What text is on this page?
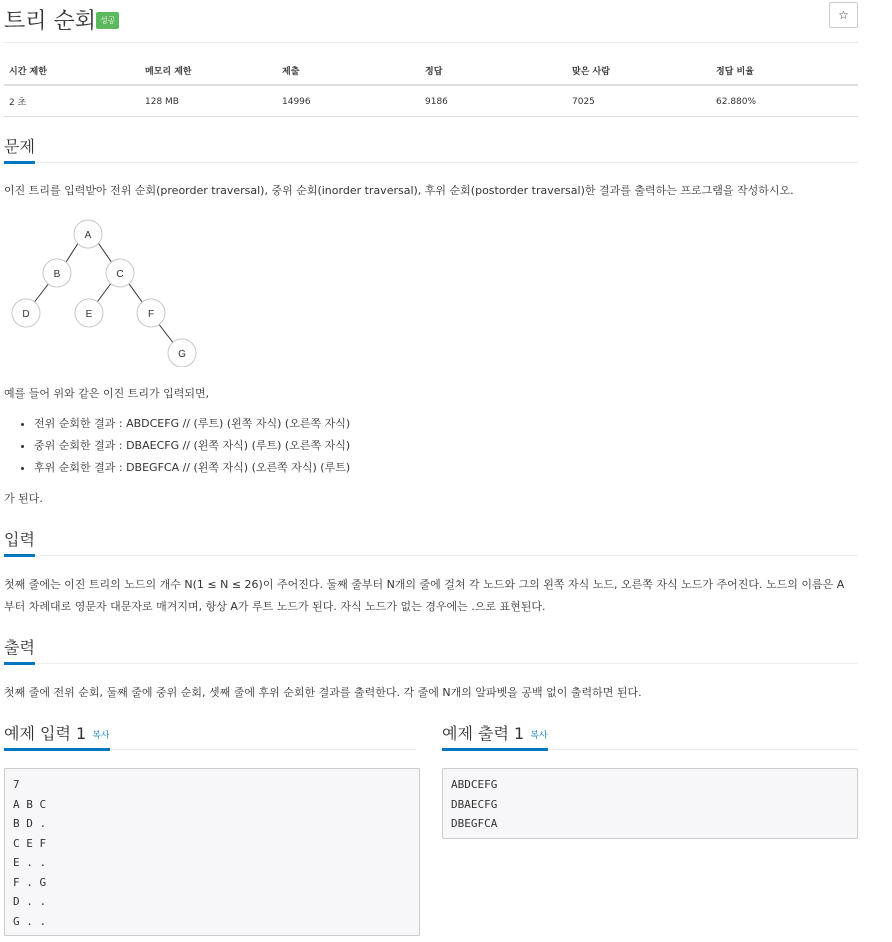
트리 순회 성공	☆
시간 제한	메모리 제한	제출	정답	맞은 사람	정답 비율
2 초	128 MB	14996	9186	7025	62.880%
문제
이진 트리를 입력받아 전위 순회(preorder traversal), 중위 순회(inorder traversal), 후위 순회(postorder traversal)한 결과를 출력하는 프로그램을 작성하시오.
A
B	C
D	E	F
G
예를 들어 위와 같은 이진 트리가 입력되면,
• 전위 순회한 결과 : ABDCEFG // (루트) (왼쪽 자식) (오른쪽 자식)
• 중위 순회한 결과 : DBAECFG // (왼쪽 자식) (루트) (오른쪽 자식)
• 후위 순회한 결과 : DBEGFCA // (왼쪽 자식) (오른쪽 자식) (루트)
가 된다.
입력
첫째 줄에는 이진 트리의 노드의 개수 N(1 ≤ N ≤ 26)이 주어진다. 둘째 줄부터 N개의 줄에 걸쳐 각 노드와 그의 왼쪽 자식 노드, 오른쪽 자식 노드가 주어진다. 노드의 이름은 A
부터 차례대로 영문자 대문자로 매겨지며, 항상 A가 루트 노드가 된다. 자식 노드가 없는 경우에는 .으로 표현된다.
출력
첫째 줄에 전위 순회, 둘째 줄에 중위 순회, 셋째 줄에 후위 순회한 결과를 출력한다. 각 줄에 N개의 알파벳을 공백 없이 출력하면 된다.
예제 입력 1 복사
7
A B C
B D .
C E F
E . .
F . G
D . .
G . .
예제 출력 1 복사
ABDCEFG
DBAECFG
DBEGFCA
